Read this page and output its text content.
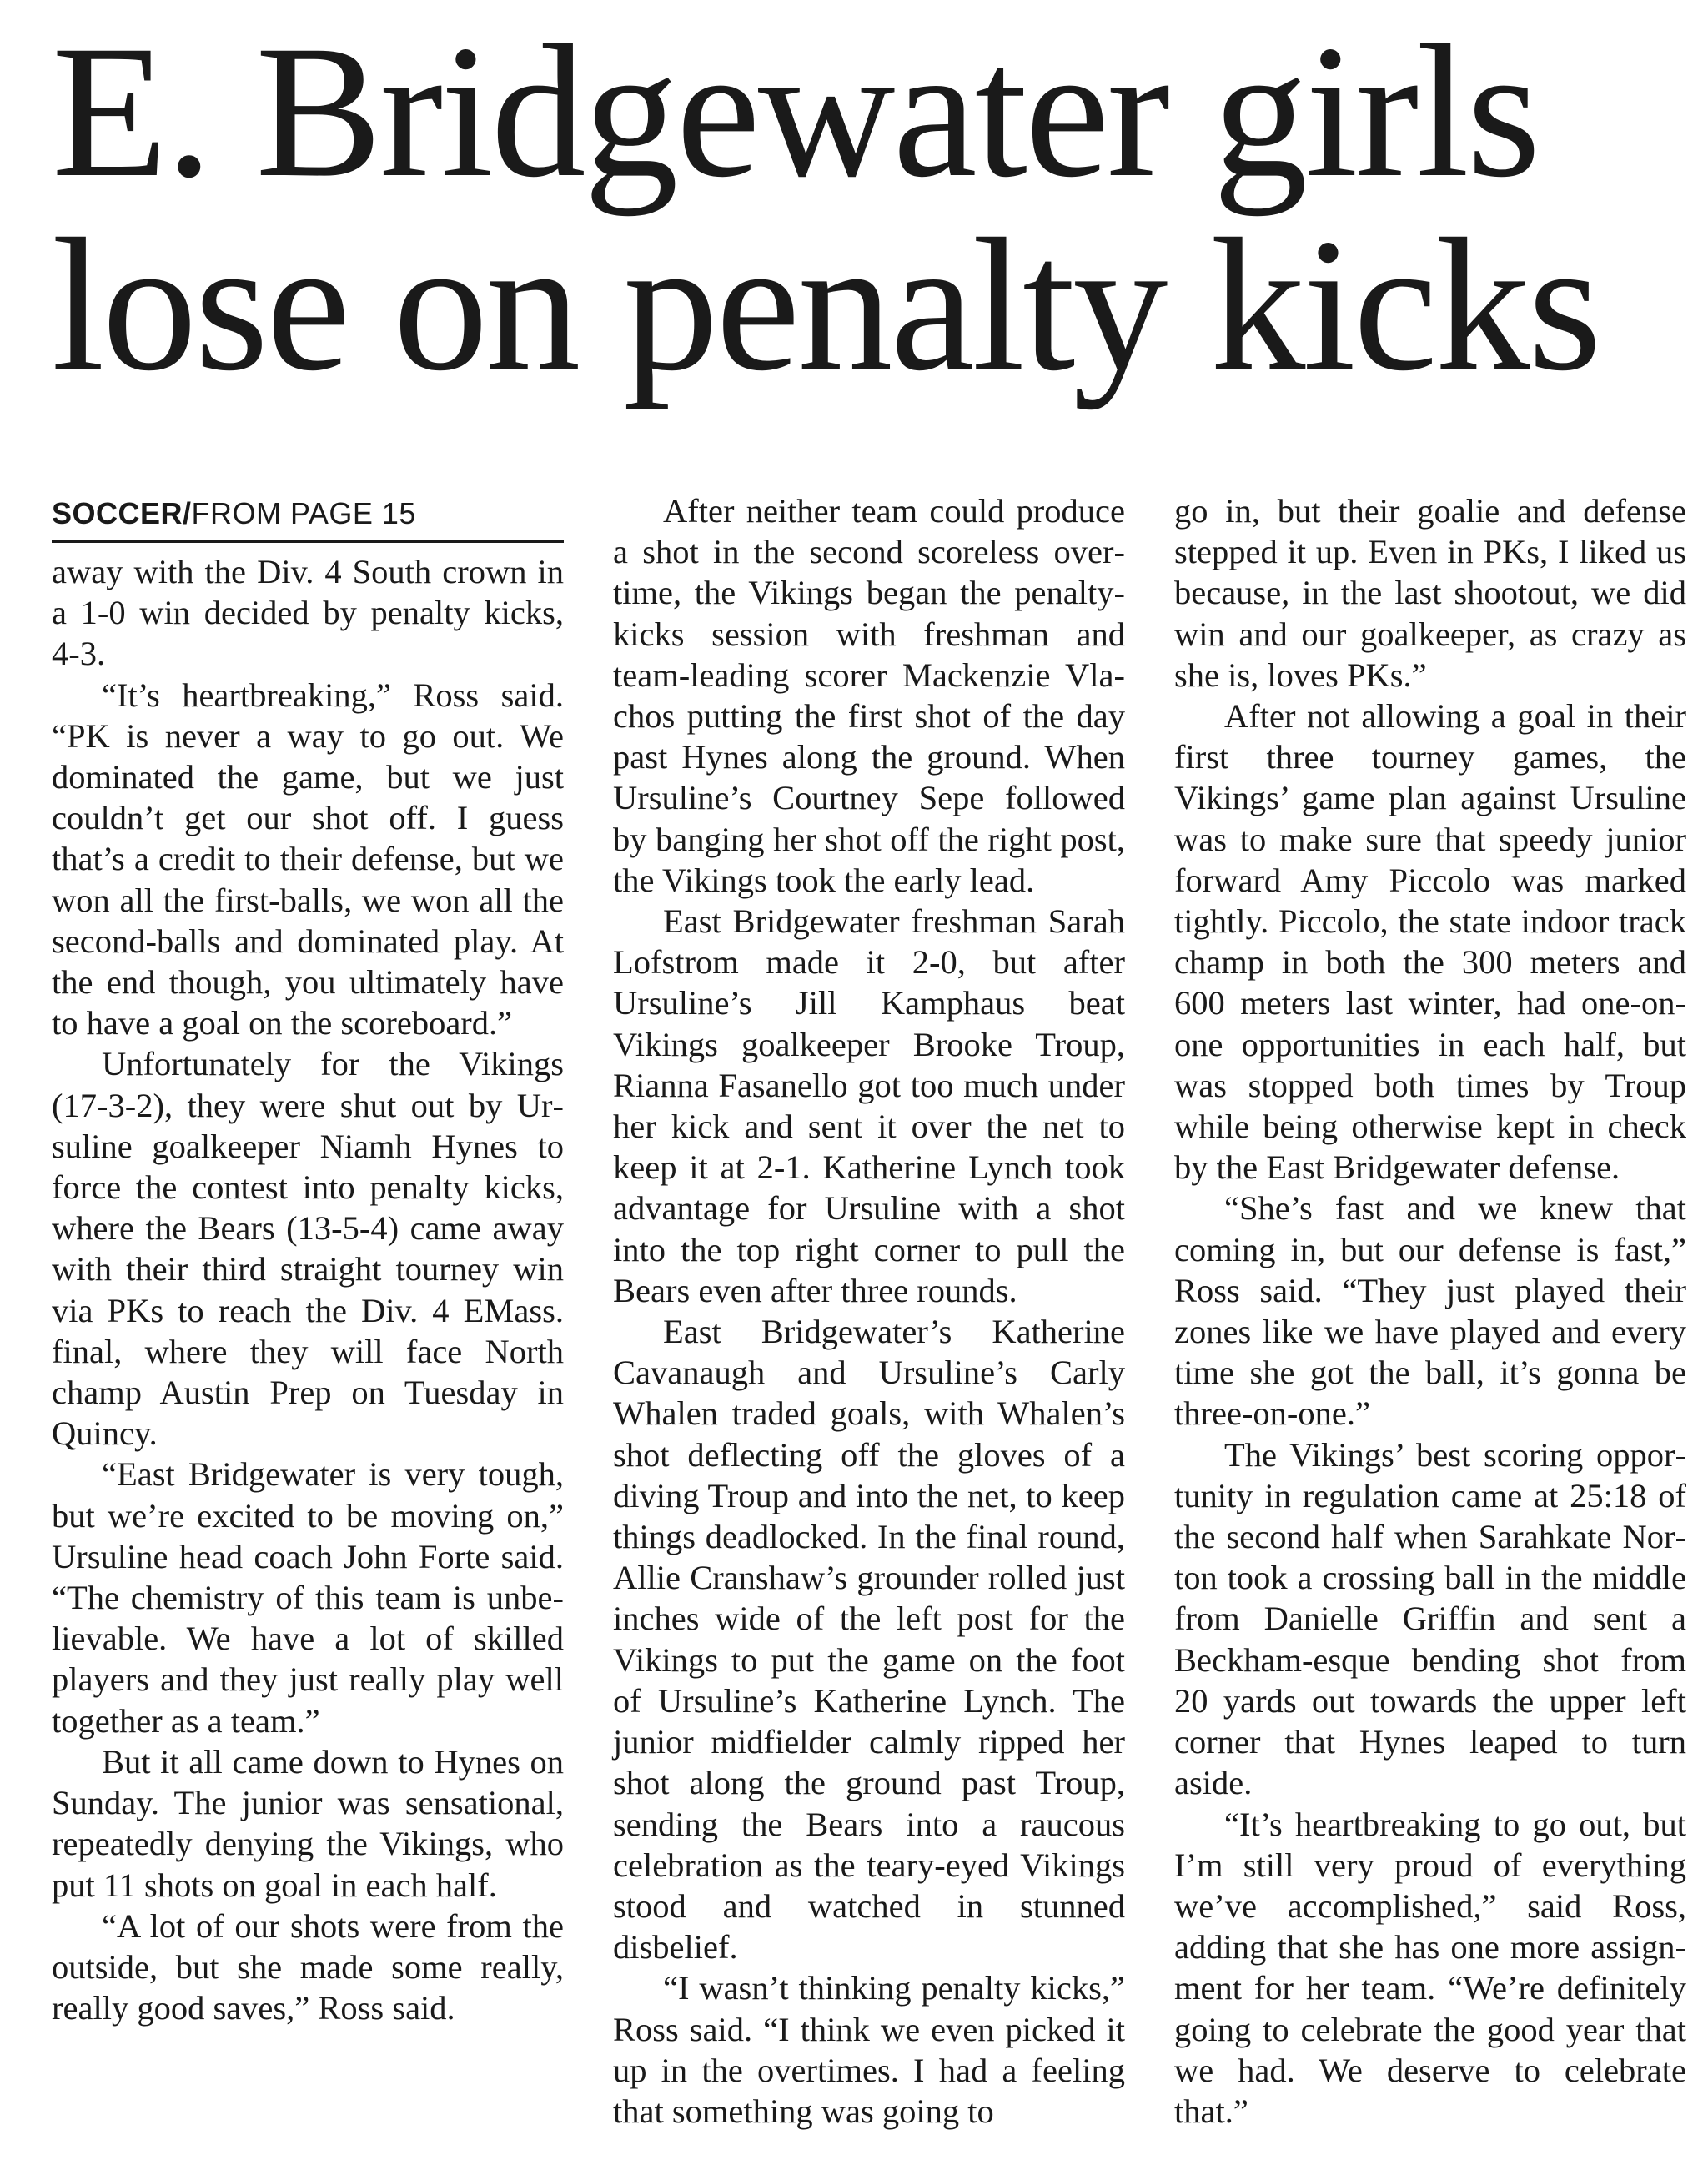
E. Bridgewater girls
lose on penalty kicks
SOCCER/FROM PAGE 15

away with the Div. 4 South crown in a 1-0 win decided by penalty kicks, 4-3.

“It’s heartbreaking,” Ross said. “PK is never a way to go out. We dominated the game, but we just couldn’t get our shot off. I guess that’s a credit to their defense, but we won all the first-balls, we won all the second-balls and dominated play. At the end though, you ultimately have to have a goal on the scoreboard.”

Unfortunately for the Vikings (17-3-2), they were shut out by Ursuline goalkeeper Niamh Hynes to force the contest into penalty kicks, where the Bears (13-5-4) came away with their third straight tourney win via PKs to reach the Div. 4 EMass. final, where they will face North champ Austin Prep on Tuesday in Quincy.

“East Bridgewater is very tough, but we’re excited to be moving on,” Ursuline head coach John Forte said. “The chemistry of this team is unbelievable. We have a lot of skilled players and they just really play well together as a team.”

But it all came down to Hynes on Sunday. The junior was sensational, repeatedly denying the Vikings, who put 11 shots on goal in each half.

“A lot of our shots were from the outside, but she made some really, really good saves,” Ross said.

After neither team could produce a shot in the second scoreless overtime, the Vikings began the penalty-kicks session with freshman and team-leading scorer Mackenzie Vlachos putting the first shot of the day past Hynes along the ground. When Ursuline’s Courtney Sepe followed by banging her shot off the right post, the Vikings took the early lead.

East Bridgewater freshman Sarah Lofstrom made it 2-0, but after Ursuline’s Jill Kamphaus beat Vikings goalkeeper Brooke Troup, Rianna Fasanello got too much under her kick and sent it over the net to keep it at 2-1. Katherine Lynch took advantage for Ursuline with a shot into the top right corner to pull the Bears even after three rounds.

East Bridgewater’s Katherine Cavanaugh and Ursuline’s Carly Whalen traded goals, with Whalen’s shot deflecting off the gloves of a diving Troup and into the net, to keep things deadlocked. In the final round, Allie Cranshaw’s grounder rolled just inches wide of the left post for the Vikings to put the game on the foot of Ursuline’s Katherine Lynch. The junior midfielder calmly ripped her shot along the ground past Troup, sending the Bears into a raucous celebration as the teary-eyed Vikings stood and watched in stunned disbelief.

“I wasn’t thinking penalty kicks,” Ross said. “I think we even picked it up in the overtimes. I had a feeling that something was going to

go in, but their goalie and defense stepped it up. Even in PKs, I liked us because, in the last shootout, we did win and our goalkeeper, as crazy as she is, loves PKs.”

After not allowing a goal in their first three tourney games, the Vikings’ game plan against Ursuline was to make sure that speedy junior forward Amy Piccolo was marked tightly. Piccolo, the state indoor track champ in both the 300 meters and 600 meters last winter, had one-on-one opportunities in each half, but was stopped both times by Troup while being otherwise kept in check by the East Bridgewater defense.

“She’s fast and we knew that coming in, but our defense is fast,” Ross said. “They just played their zones like we have played and every time she got the ball, it’s gonna be three-on-one.”

The Vikings’ best scoring opportunity in regulation came at 25:18 of the second half when Sarahkate Norton took a crossing ball in the middle from Danielle Griffin and sent a Beckham-esque bending shot from 20 yards out towards the upper left corner that Hynes leaped to turn aside.

“It’s heartbreaking to go out, but I’m still very proud of everything we’ve accomplished,” said Ross, adding that she has one more assignment for her team. “We’re definitely going to celebrate the good year that we had. We deserve to celebrate that.”
